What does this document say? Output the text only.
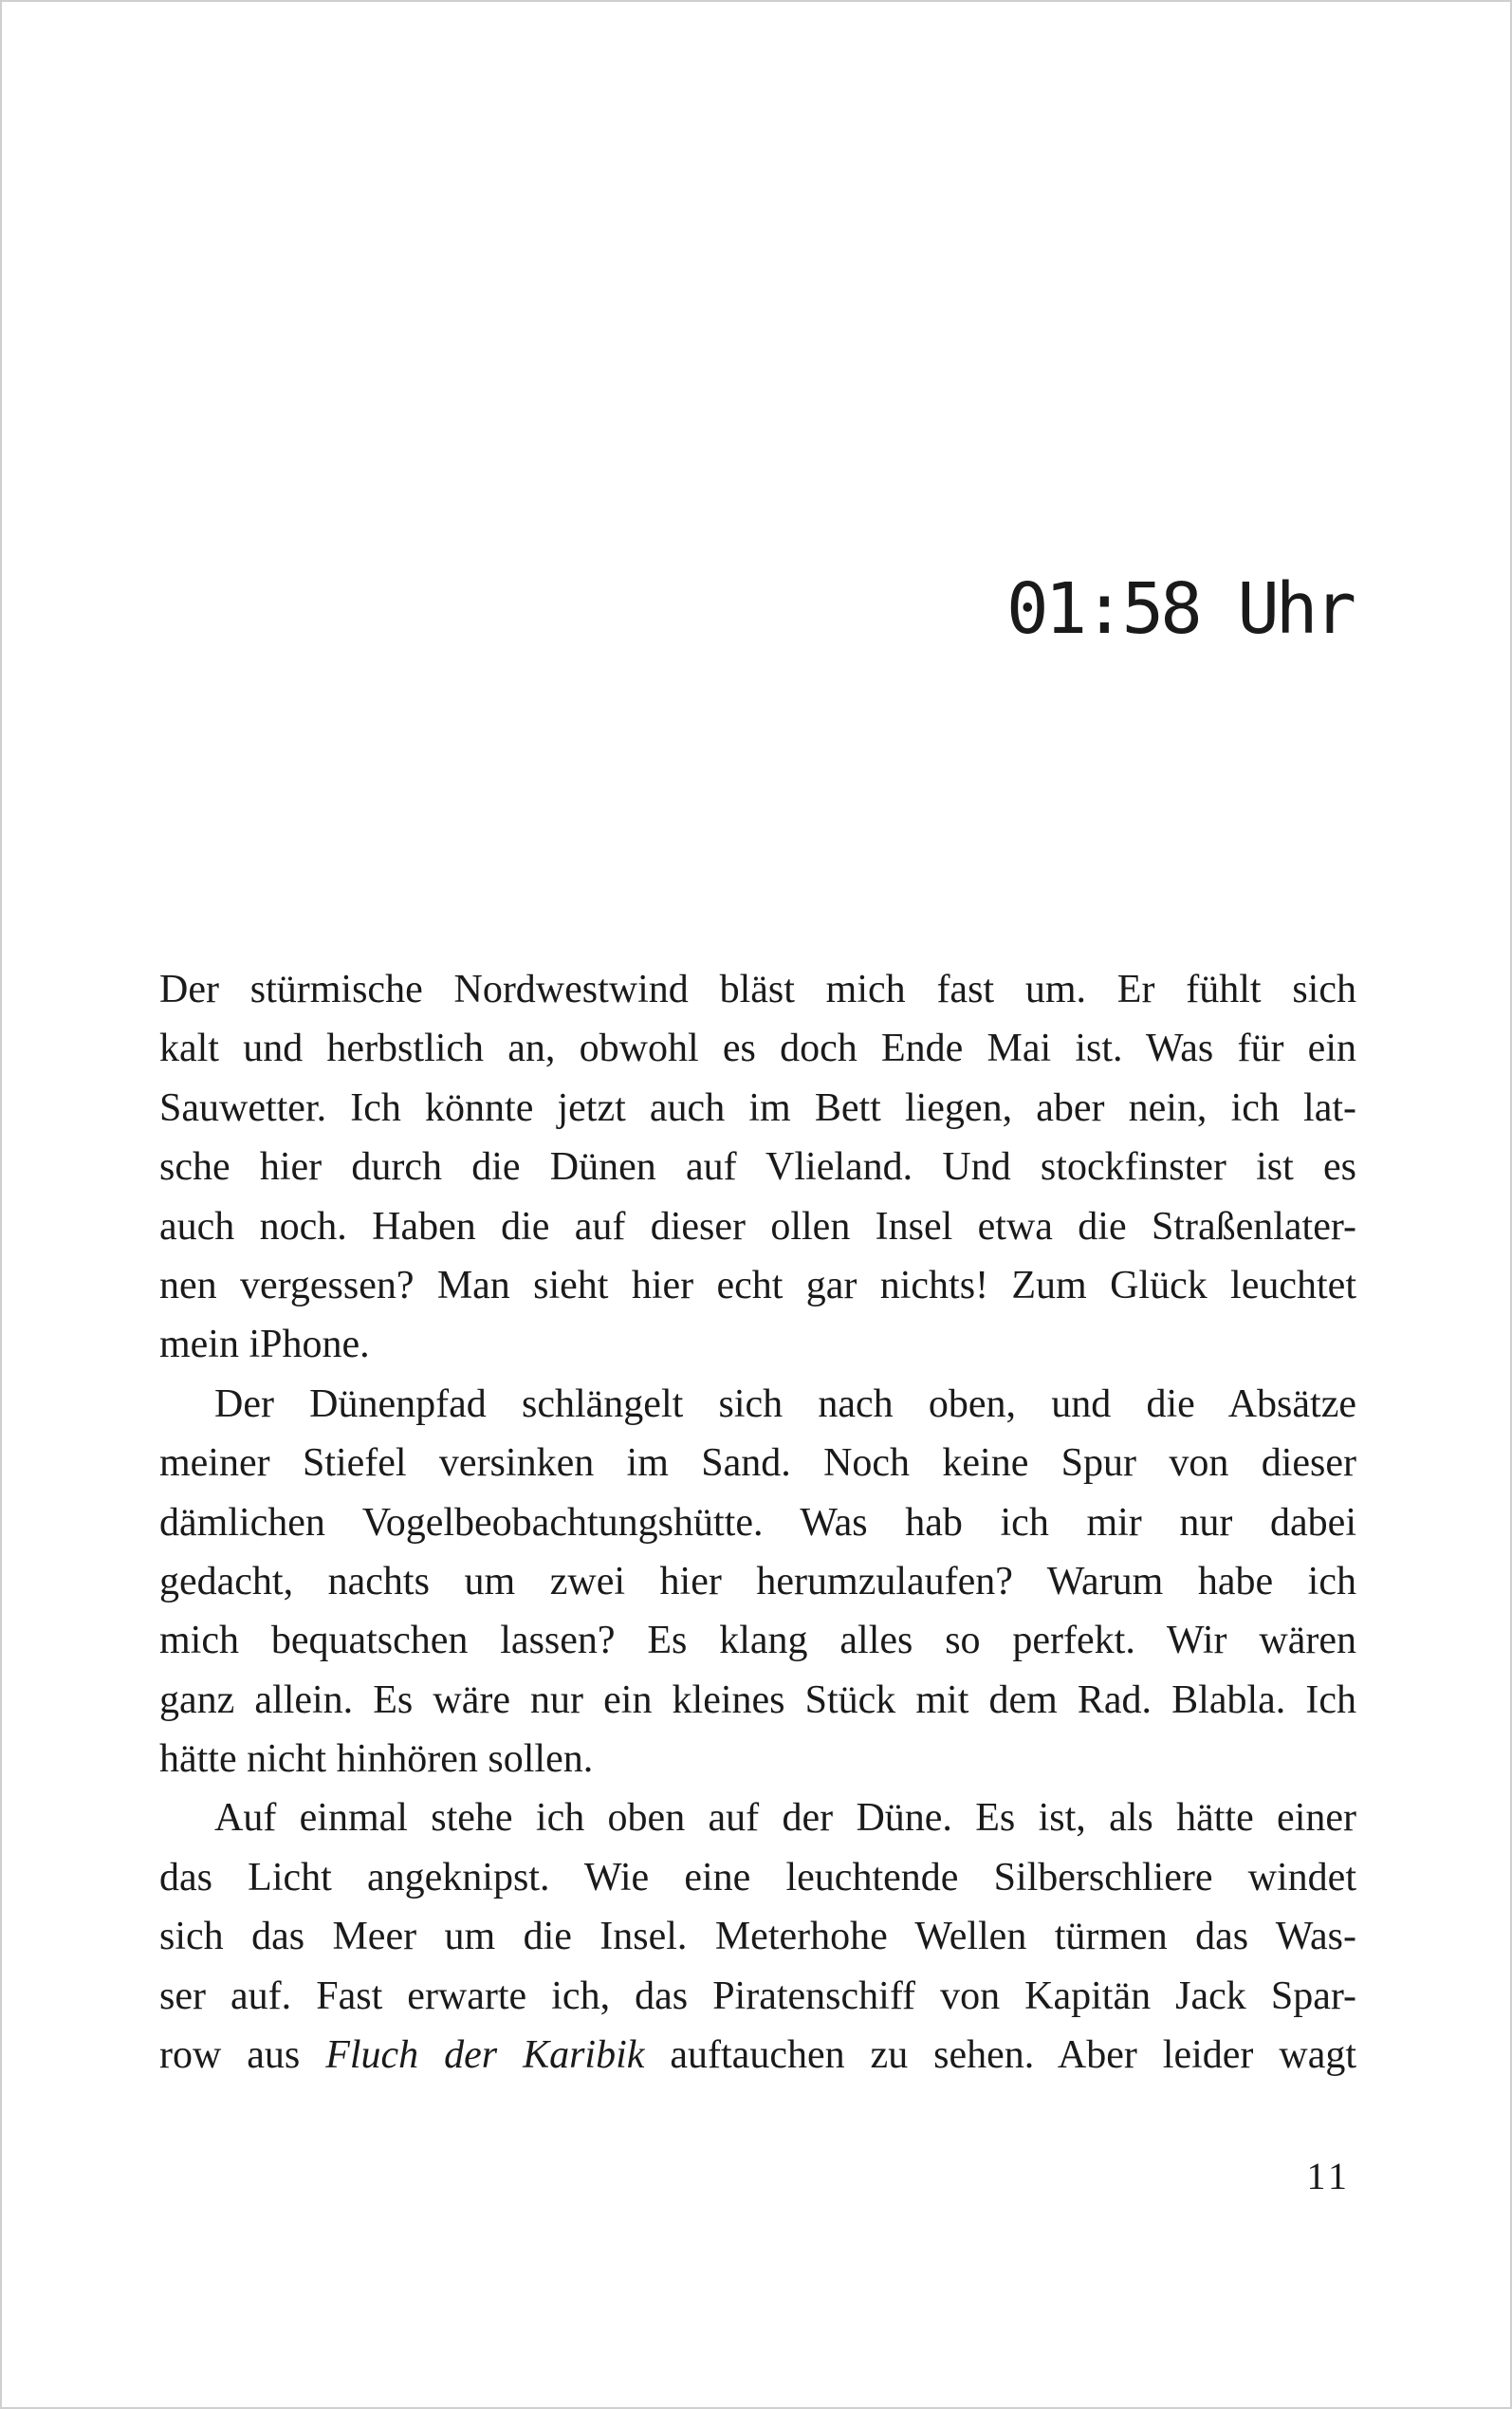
01:58 Uhr

Der stürmische Nordwestwind bläst mich fast um. Er fühlt sich
kalt und herbstlich an, obwohl es doch Ende Mai ist. Was für ein
Sauwetter. Ich könnte jetzt auch im Bett liegen, aber nein, ich lat-
sche hier durch die Dünen auf Vlieland. Und stockfinster ist es
auch noch. Haben die auf dieser ollen Insel etwa die Straßenlater-
nen vergessen? Man sieht hier echt gar nichts! Zum Glück leuchtet
mein iPhone.

Der Dünenpfad schlängelt sich nach oben, und die Absätze
meiner Stiefel versinken im Sand. Noch keine Spur von dieser
dämlichen Vogelbeobachtungshütte. Was hab ich mir nur dabei
gedacht, nachts um zwei hier herumzulaufen? Warum habe ich
mich bequatschen lassen? Es klang alles so perfekt. Wir wären
ganz allein. Es wäre nur ein kleines Stück mit dem Rad. Blabla. Ich
hätte nicht hinhören sollen.

Auf einmal stehe ich oben auf der Düne. Es ist, als hätte einer
das Licht angeknipst. Wie eine leuchtende Silberschliere windet
sich das Meer um die Insel. Meterhohe Wellen türmen das Was-
ser auf. Fast erwarte ich, das Piratenschiff von Kapitän Jack Spar-
row aus Fluch der Karibik auftauchen zu sehen. Aber leider wagt

11
